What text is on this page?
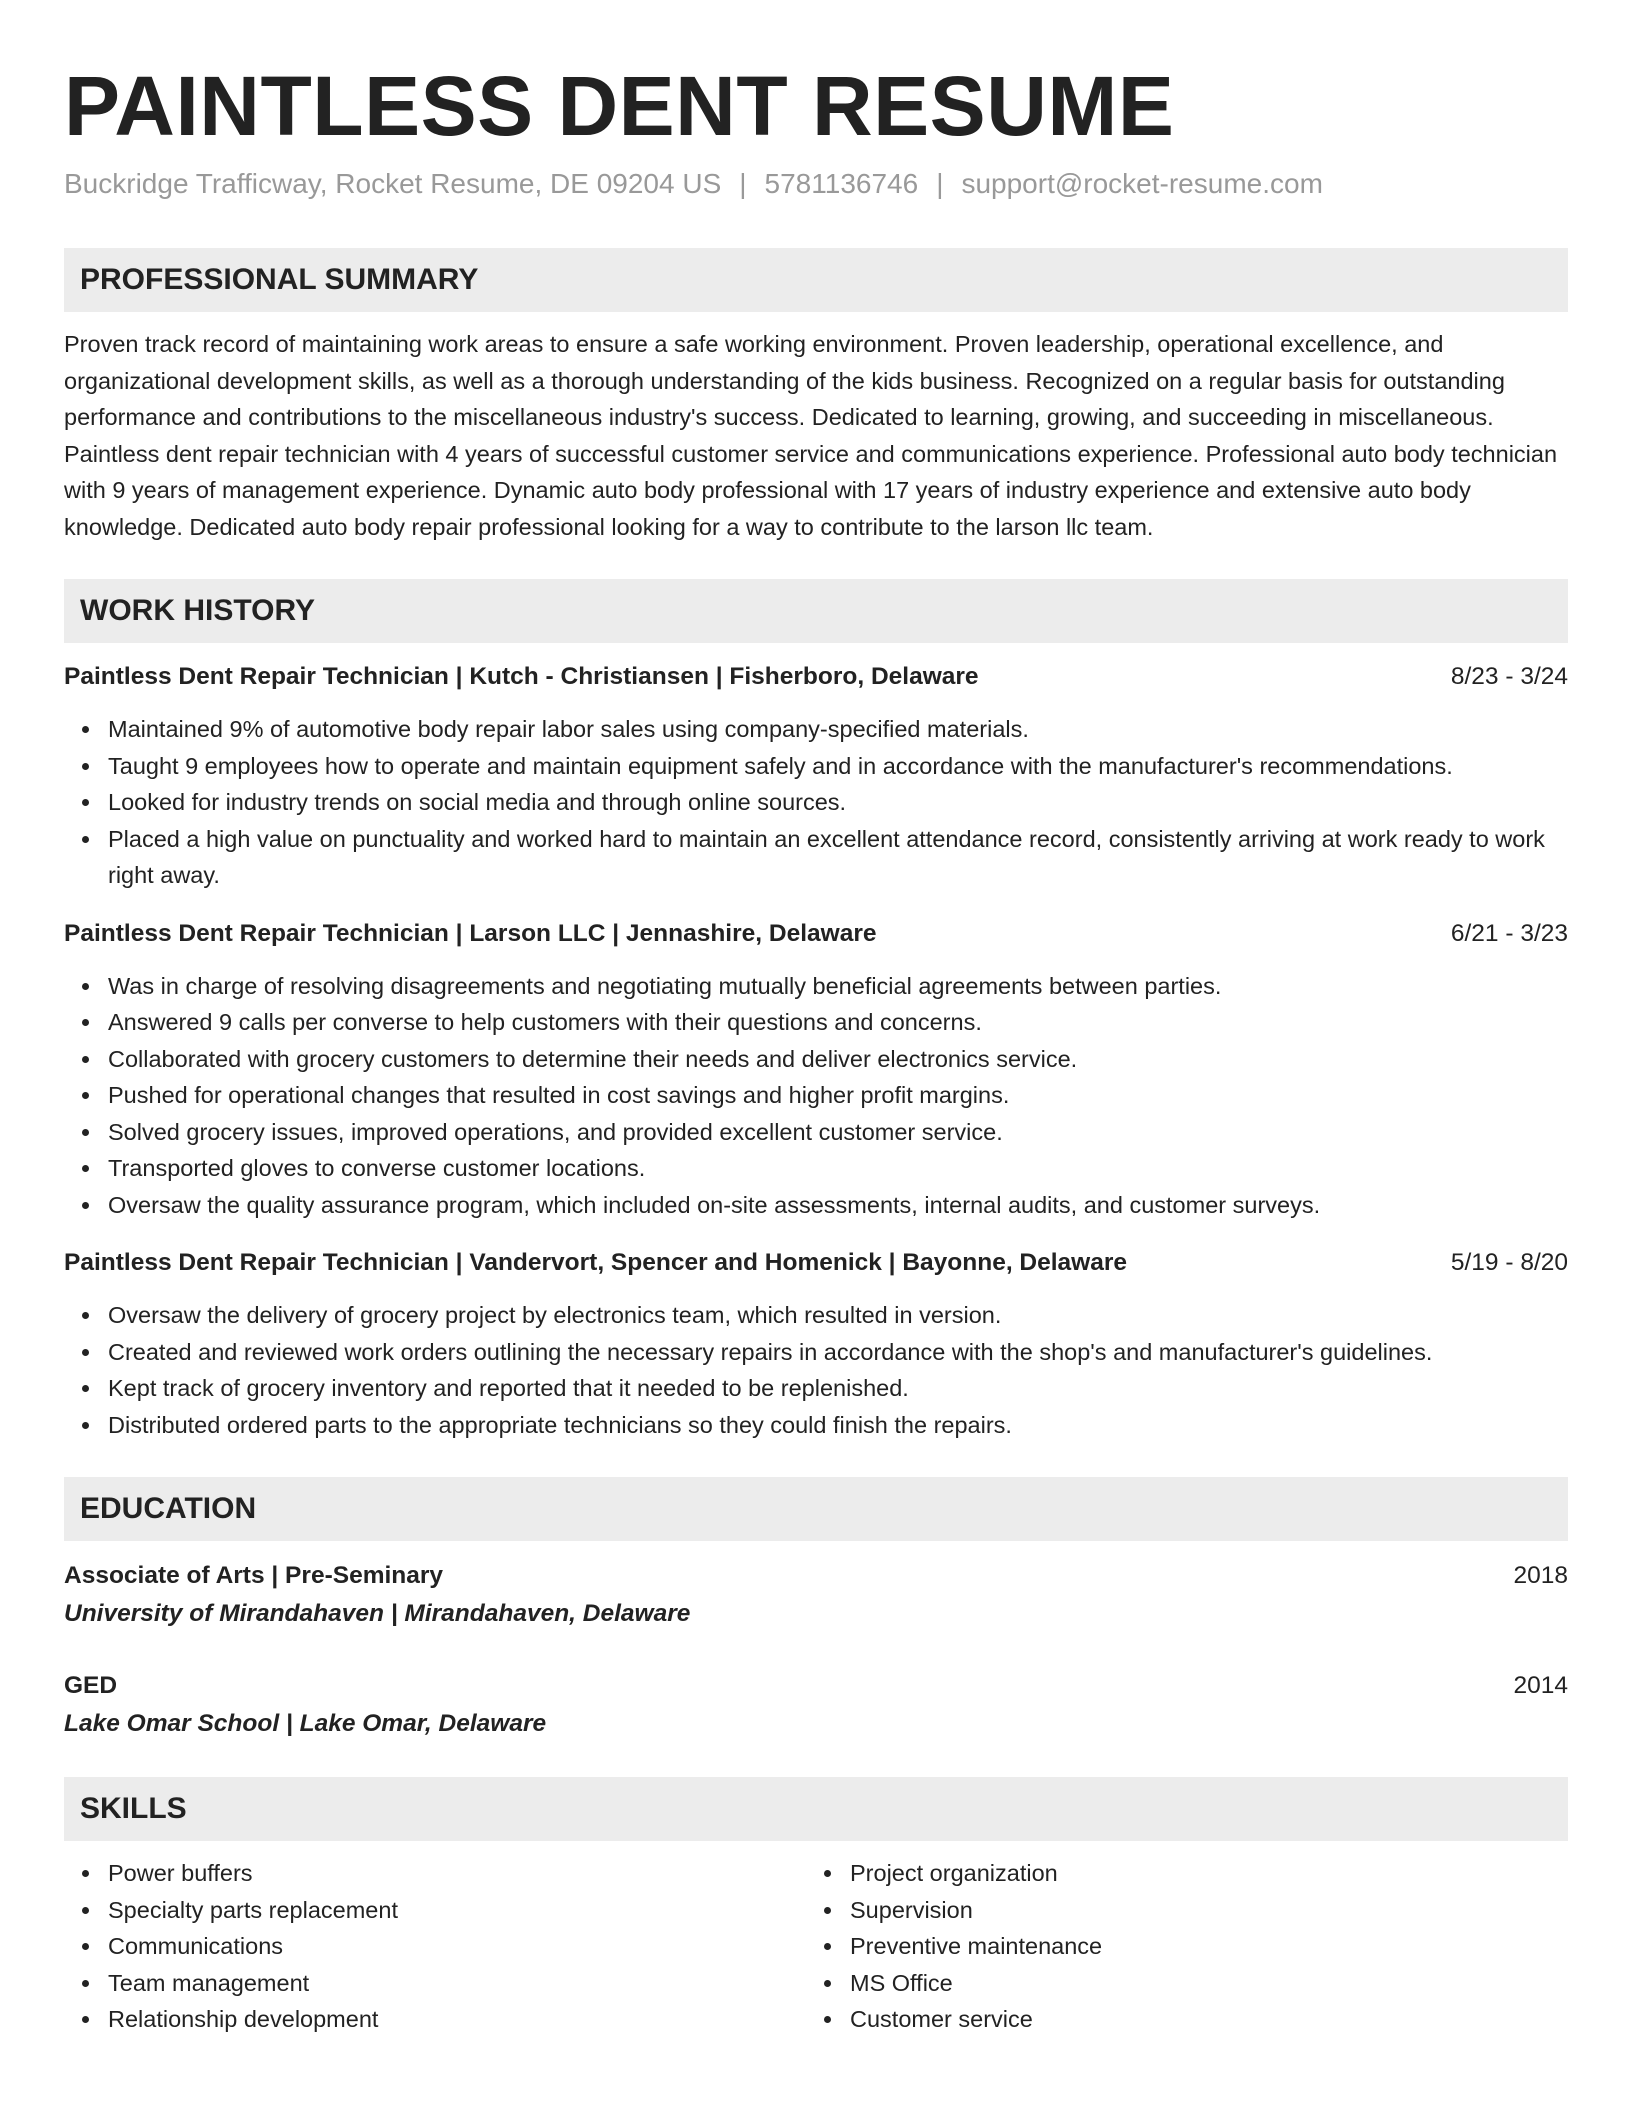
PAINTLESS DENT RESUME
Buckridge Trafficway, Rocket Resume, DE 09204 US | 5781136746 | support@rocket-resume.com
PROFESSIONAL SUMMARY

Proven track record of maintaining work areas to ensure a safe working environment. Proven leadership, operational excellence, and organizational development skills, as well as a thorough understanding of the kids business. Recognized on a regular basis for outstanding performance and contributions to the miscellaneous industry's success. Dedicated to learning, growing, and succeeding in miscellaneous. Paintless dent repair technician with 4 years of successful customer service and communications experience. Professional auto body technician with 9 years of management experience. Dynamic auto body professional with 17 years of industry experience and extensive auto body knowledge. Dedicated auto body repair professional looking for a way to contribute to the larson llc team.

WORK HISTORY
Paintless Dent Repair Technician | Kutch - Christiansen | Fisherboro, Delaware	8/23 - 3/24
Maintained 9% of automotive body repair labor sales using company-specified materials.
Taught 9 employees how to operate and maintain equipment safely and in accordance with the manufacturer's recommendations.
Looked for industry trends on social media and through online sources.
Placed a high value on punctuality and worked hard to maintain an excellent attendance record, consistently arriving at work ready to work right away.
Paintless Dent Repair Technician | Larson LLC | Jennashire, Delaware	6/21 - 3/23
Was in charge of resolving disagreements and negotiating mutually beneficial agreements between parties.
Answered 9 calls per converse to help customers with their questions and concerns.
Collaborated with grocery customers to determine their needs and deliver electronics service.
Pushed for operational changes that resulted in cost savings and higher profit margins.
Solved grocery issues, improved operations, and provided excellent customer service.
Transported gloves to converse customer locations.
Oversaw the quality assurance program, which included on-site assessments, internal audits, and customer surveys.
Paintless Dent Repair Technician | Vandervort, Spencer and Homenick | Bayonne, Delaware	5/19 - 8/20
Oversaw the delivery of grocery project by electronics team, which resulted in version.
Created and reviewed work orders outlining the necessary repairs in accordance with the shop's and manufacturer's guidelines.
Kept track of grocery inventory and reported that it needed to be replenished.
Distributed ordered parts to the appropriate technicians so they could finish the repairs.
EDUCATION
Associate of Arts | Pre-Seminary	2018
University of Mirandahaven | Mirandahaven, Delaware
GED	2014
Lake Omar School | Lake Omar, Delaware
SKILLS
Power buffers
Specialty parts replacement
Communications
Team management
Relationship development
Project organization
Supervision
Preventive maintenance
MS Office
Customer service
